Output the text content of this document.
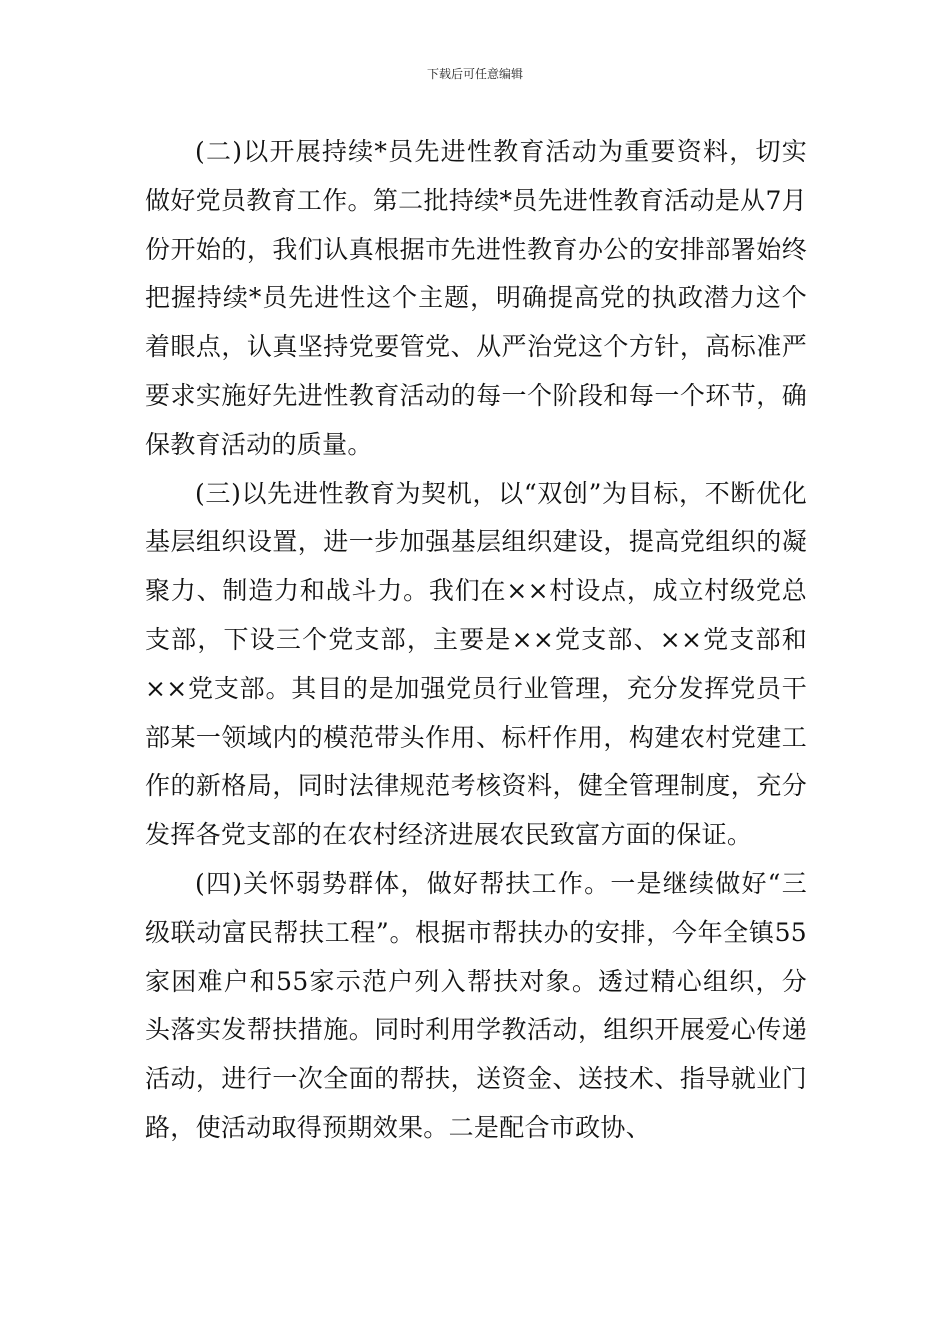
下载后可任意编辑

(二)以开展持续*员先进性教育活动为重要资料，切实做好党员教育工作。第二批持续*员先进性教育活动是从7月份开始的，我们认真根据市先进性教育办公的安排部署始终把握持续*员先进性这个主题，明确提高党的执政潜力这个着眼点，认真坚持党要管党、从严治党这个方针，高标准严要求实施好先进性教育活动的每一个阶段和每一个环节，确保教育活动的质量。

(三)以先进性教育为契机，以“双创”为目标，不断优化基层组织设置，进一步加强基层组织建设，提高党组织的凝聚力、制造力和战斗力。我们在××村设点，成立村级党总支部，下设三个党支部，主要是××党支部、××党支部和××党支部。其目的是加强党员行业管理，充分发挥党员干部某一领域内的模范带头作用、标杆作用，构建农村党建工作的新格局，同时法律规范考核资料，健全管理制度，充分发挥各党支部的在农村经济进展农民致富方面的保证。

(四)关怀弱势群体，做好帮扶工作。一是继续做好“三级联动富民帮扶工程”。根据市帮扶办的安排，今年全镇55家困难户和55家示范户列入帮扶对象。透过精心组织，分头落实发帮扶措施。同时利用学教活动，组织开展爱心传递活动，进行一次全面的帮扶，送资金、送技术、指导就业门路，使活动取得预期效果。二是配合市政协、
